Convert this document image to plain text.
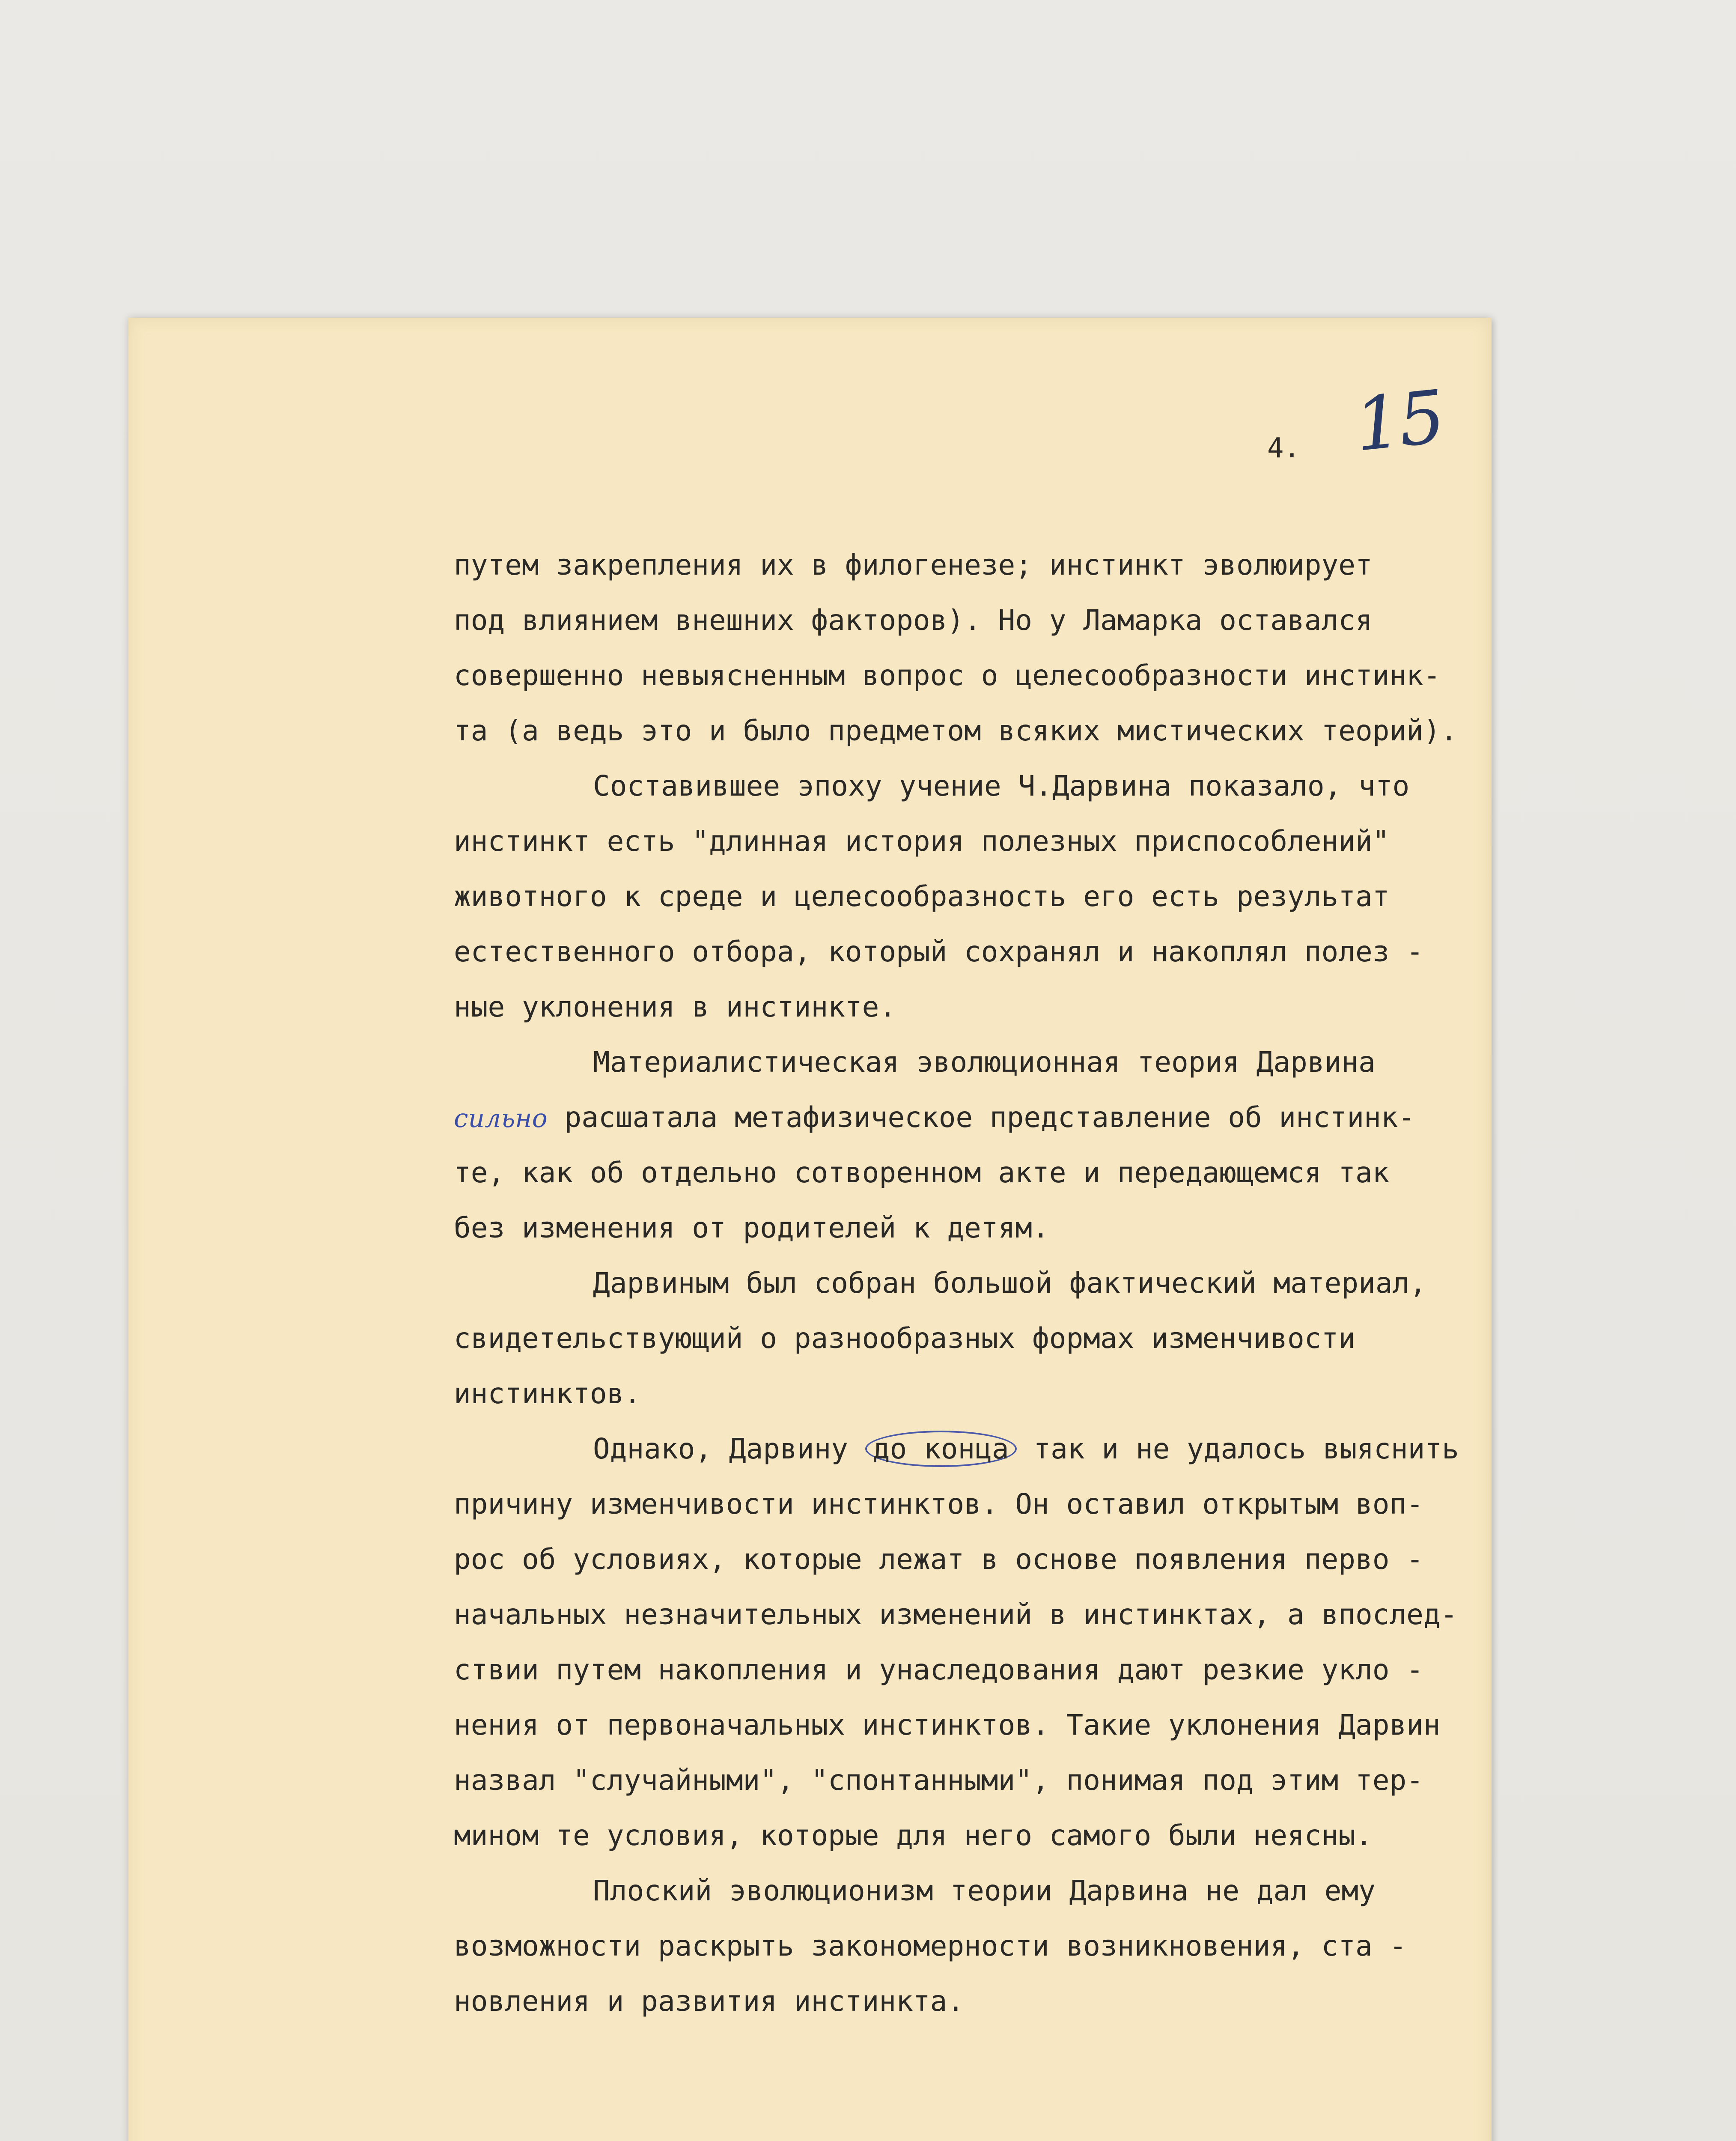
4. 15
путем закрепления их в филогенезе; инстинкт эволюирует
под влиянием внешних факторов). Но у Ламарка оставался
совершенно невыясненным вопрос о целесообразности инстинк-
та (а ведь это и было предметом всяких мистических теорий).
Составившее эпоху учение Ч.Дарвина показало, что
инстинкт есть "длинная история полезных приспособлений"
животного к среде и целесообразность его есть результат
естественного отбора, который сохранял и накоплял полез -
ные уклонения в инстинкте.
Материалистическая эволюционная теория Дарвина
сильно расшатала метафизическое представление об инстинк-
те, как об отдельно сотворенном акте и передающемся так
без изменения от родителей к детям.
Дарвиным был собран большой фактический материал,
свидетельствующий о разнообразных формах изменчивости
инстинктов.
Однако, Дарвину до конца так и не удалось выяснить
причину изменчивости инстинктов. Он оставил открытым воп-
рос об условиях, которые лежат в основе появления перво -
начальных незначительных изменений в инстинктах, а впослед-
ствии путем накопления и унаследования дают резкие укло -
нения от первоначальных инстинктов. Такие уклонения Дарвин
назвал "случайными", "спонтанными", понимая под этим тер-
мином те условия, которые для него самого были неясны.
Плоский эволюционизм теории Дарвина не дал ему
возможности раскрыть закономерности возникновения, ста -
новления и развития инстинкта.
